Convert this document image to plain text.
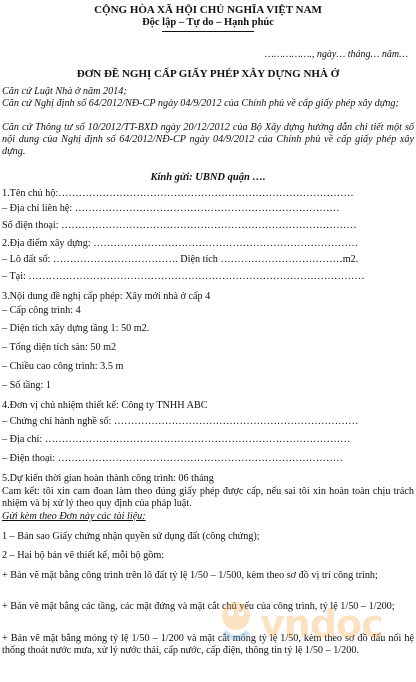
CỘNG HÒA XÃ HỘI CHỦ NGHĨA VIỆT NAM
Độc lập – Tự do – Hạnh phúc
……………., ngày… tháng… năm…
ĐƠN ĐỀ NGHỊ CẤP GIẤY PHÉP XÂY DỰNG NHÀ Ở
Căn cứ Luật Nhà ở năm 2014;
Căn cứ Nghị định số 64/2012/NĐ-CP ngày 04/9/2012 của Chính phủ về cấp giấy phép xây dựng;
Căn cứ Thông tư số 10/2012/TT-BXD ngày 20/12/2012 của Bộ Xây dựng hướng dẫn chi tiết một số nội dung của Nghị định số 64/2012/NĐ-CP ngày 04/9/2012 của Chính phủ về cấp giấy phép xây dựng.
Kính gửi: UBND quận ….
1.Tên chủ hộ:……………………………………………………………………………
– Địa chỉ liên hệ: ……………………………………………………………………
Số điện thoại: ……………………………………………………………………………
2.Địa điểm xây dựng: ……………………………………………………………………
– Lô đất số: ………………………………. Diện tích ………………………………m2.
– Tại: ………………………………………………………………………………………
3.Nội dung đề nghị cấp phép: Xây mới nhà ở cấp 4
– Cấp công trình: 4
– Diện tích xây dựng tầng 1: 50 m2.
– Tổng diện tích sàn: 50 m2
– Chiều cao công trình: 3.5 m
– Số tầng: 1
4.Đơn vị chủ nhiệm thiết kế: Công ty TNHH ABC
– Chứng chỉ hành nghề số: ………………………………………………………………
– Địa chỉ: ………………………………………………………………………………
– Điện thoại: …………………………………………………………………………
5.Dự kiến thời gian hoàn thành công trình: 06 tháng
Cam kết: tôi xin cam đoan làm theo đúng giấy phép được cấp, nếu sai tôi xin hoàn toàn chịu trách nhiệm và bị xử lý theo quy định của pháp luật.
Gửi kèm theo Đơn này các tài liệu:
1 – Bản sao Giấy chứng nhận quyền sử dụng đất (công chứng);
2 – Hai bộ bản vẽ thiết kế, mỗi bộ gồm:
+ Bản vẽ mặt bằng công trình trên lô đất tỷ lệ 1/50 – 1/500, kèm theo sơ đồ vị trí công trình;
+ Bản vẽ mặt bằng các tầng, các mặt đứng và mặt cắt chủ yếu của công trình, tỷ lệ 1/50 – 1/200;
+ Bản vẽ mặt bằng móng tỷ lệ 1/50 – 1/200 và mặt cắt móng tỷ lệ 1/50, kèm theo sơ đồ đấu nối hệ thống thoát nước mưa, xử lý nước thải, cấp nước, cấp điện, thông tin tỷ lệ 1/50 – 1/200.
vndoc
